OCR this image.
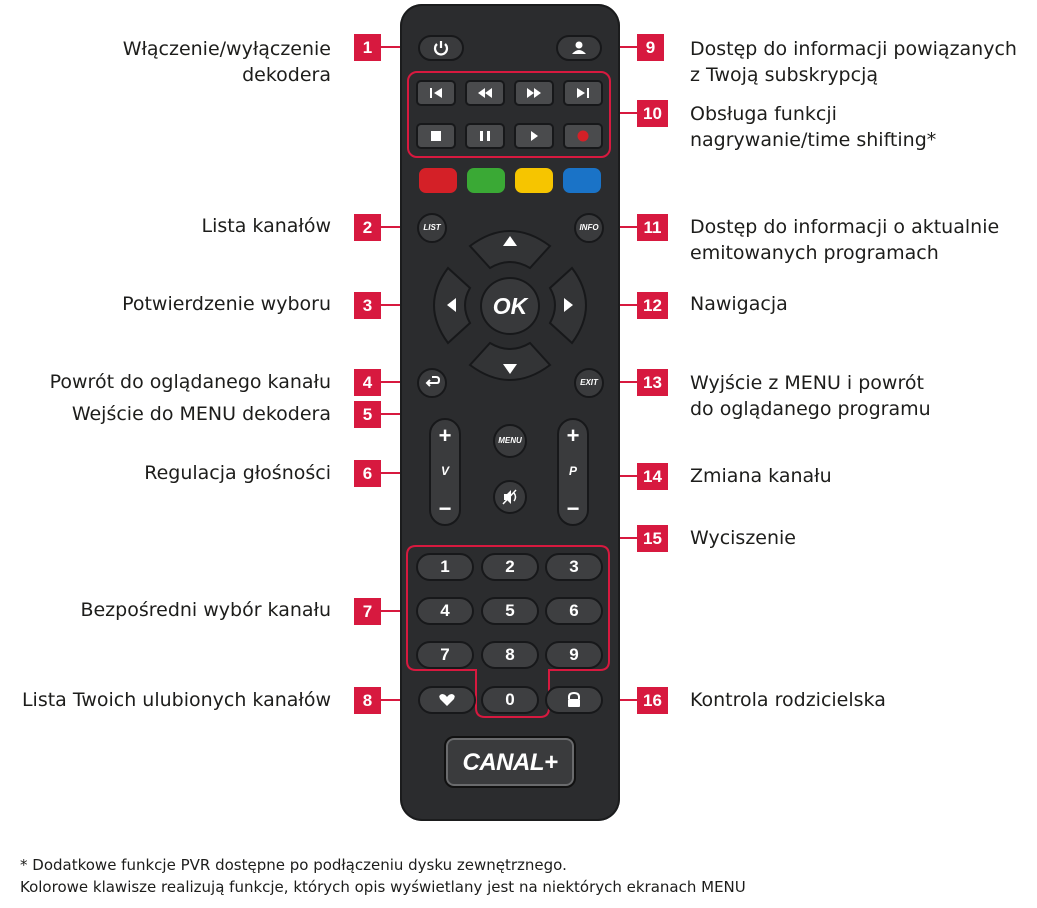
LIST	INFO
OK
EXIT
+
V
−
+
P
−
MENU
1	2	3
4	5	6
7	8	9
0
CANAL+
Włączenie/wyłączenie
dekodera
Lista kanałów
Potwierdzenie wyboru
Powrót do oglądanego kanału
Wejście do MENU dekodera
Regulacja głośności
Bezpośredni wybór kanału
Lista Twoich ulubionych kanałów
Dostęp do informacji powiązanych
z Twoją subskrypcją
Obsługa funkcji
nagrywanie/time shifting*
Dostęp do informacji o aktualnie
emitowanych programach
Nawigacja
Wyjście z MENU i powrót
do oglądanego programu
Zmiana kanału
Wyciszenie
Kontrola rodzicielska
1
2
3
4
5
6
7
8
9
10
11
12
13
14
15
16
* Dodatkowe funkcje PVR dostępne po podłączeniu dysku zewnętrznego.
Kolorowe klawisze realizują funkcje, których opis wyświetlany jest na niektórych ekranach MENU
